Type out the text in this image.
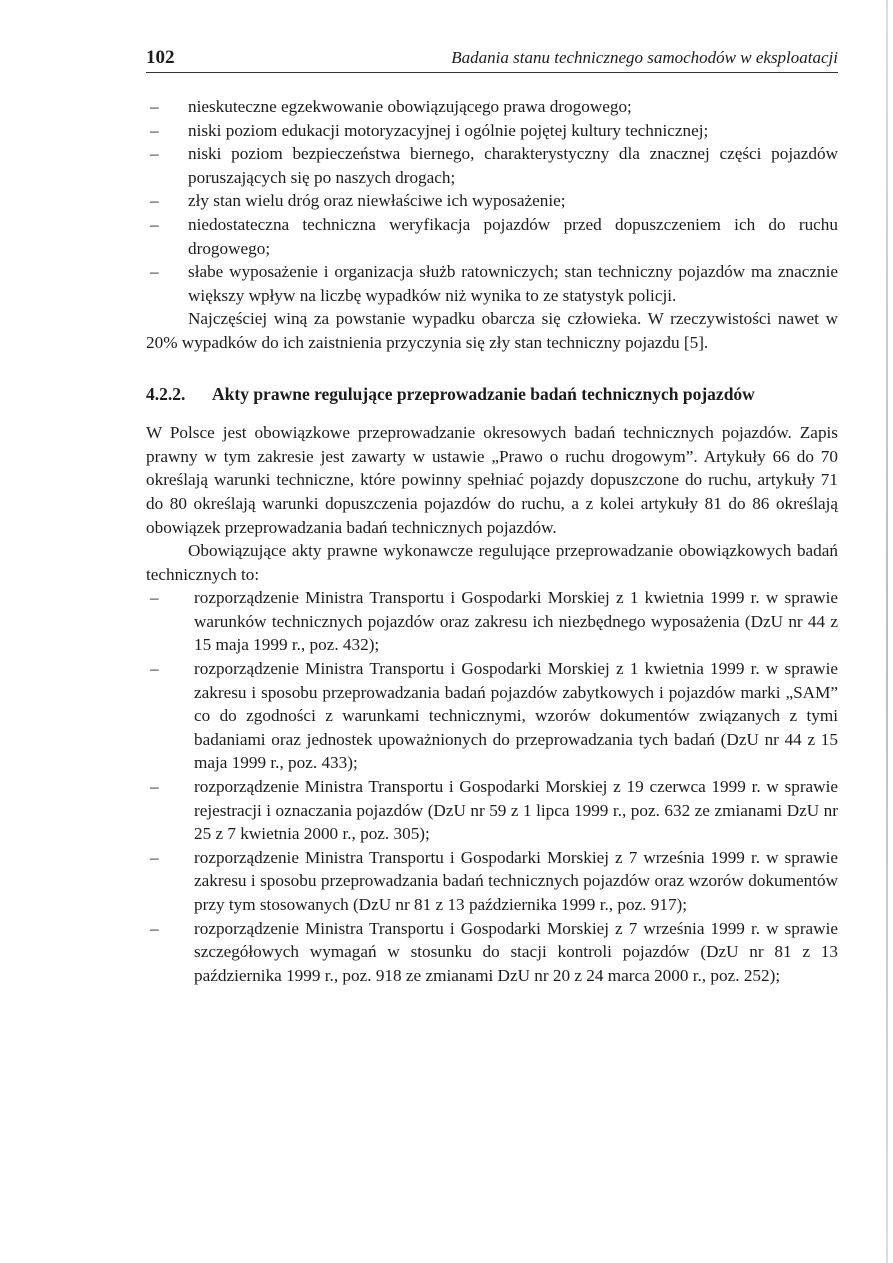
102	Badania stanu technicznego samochodów w eksploatacji
–	nieskuteczne egzekwowanie obowiązującego prawa drogowego;
–	niski poziom edukacji motoryzacyjnej i ogólnie pojętej kultury technicznej;
–	niski poziom bezpieczeństwa biernego, charakterystyczny dla znacznej części pojazdów poruszających się po naszych drogach;
–	zły stan wielu dróg oraz niewłaściwe ich wyposażenie;
–	niedostateczna techniczna weryfikacja pojazdów przed dopuszczeniem ich do ruchu drogowego;
–	słabe wyposażenie i organizacja służb ratowniczych; stan techniczny pojazdów ma znacznie większy wpływ na liczbę wypadków niż wynika to ze statystyk policji.

Najczęściej winą za powstanie wypadku obarcza się człowieka. W rzeczywistości nawet w 20% wypadków do ich zaistnienia przyczynia się zły stan techniczny pojazdu [5].

4.2.2.	Akty prawne regulujące przeprowadzanie badań technicznych pojazdów

W Polsce jest obowiązkowe przeprowadzanie okresowych badań technicznych pojazdów. Zapis prawny w tym zakresie jest zawarty w ustawie „Prawo o ruchu drogowym”. Artykuły 66 do 70 określają warunki techniczne, które powinny spełniać pojazdy dopuszczone do ruchu, artykuły 71 do 80 określają warunki dopuszczenia pojazdów do ruchu, a z kolei artykuły 81 do 86 określają obowiązek przeprowadzania badań technicznych pojazdów.

Obowiązujące akty prawne wykonawcze regulujące przeprowadzanie obowiązkowych badań technicznych to:

–	rozporządzenie Ministra Transportu i Gospodarki Morskiej z 1 kwietnia 1999 r. w sprawie warunków technicznych pojazdów oraz zakresu ich niezbędnego wyposażenia (DzU nr 44 z 15 maja 1999 r., poz. 432);
–	rozporządzenie Ministra Transportu i Gospodarki Morskiej z 1 kwietnia 1999 r. w sprawie zakresu i sposobu przeprowadzania badań pojazdów zabytkowych i pojazdów marki „SAM” co do zgodności z warunkami technicznymi, wzorów dokumentów związanych z tymi badaniami oraz jednostek upoważnionych do przeprowadzania tych badań (DzU nr 44 z 15 maja 1999 r., poz. 433);
–	rozporządzenie Ministra Transportu i Gospodarki Morskiej z 19 czerwca 1999 r. w sprawie rejestracji i oznaczania pojazdów (DzU nr 59 z 1 lipca 1999 r., poz. 632 ze zmianami DzU nr 25 z 7 kwietnia 2000 r., poz. 305);
–	rozporządzenie Ministra Transportu i Gospodarki Morskiej z 7 września 1999 r. w sprawie zakresu i sposobu przeprowadzania badań technicznych pojazdów oraz wzorów dokumentów przy tym stosowanych (DzU nr 81 z 13 października 1999 r., poz. 917);
–	rozporządzenie Ministra Transportu i Gospodarki Morskiej z 7 września 1999 r. w sprawie szczegółowych wymagań w stosunku do stacji kontroli pojazdów (DzU nr 81 z 13 października 1999 r., poz. 918 ze zmianami DzU nr 20 z 24 marca 2000 r., poz. 252);
